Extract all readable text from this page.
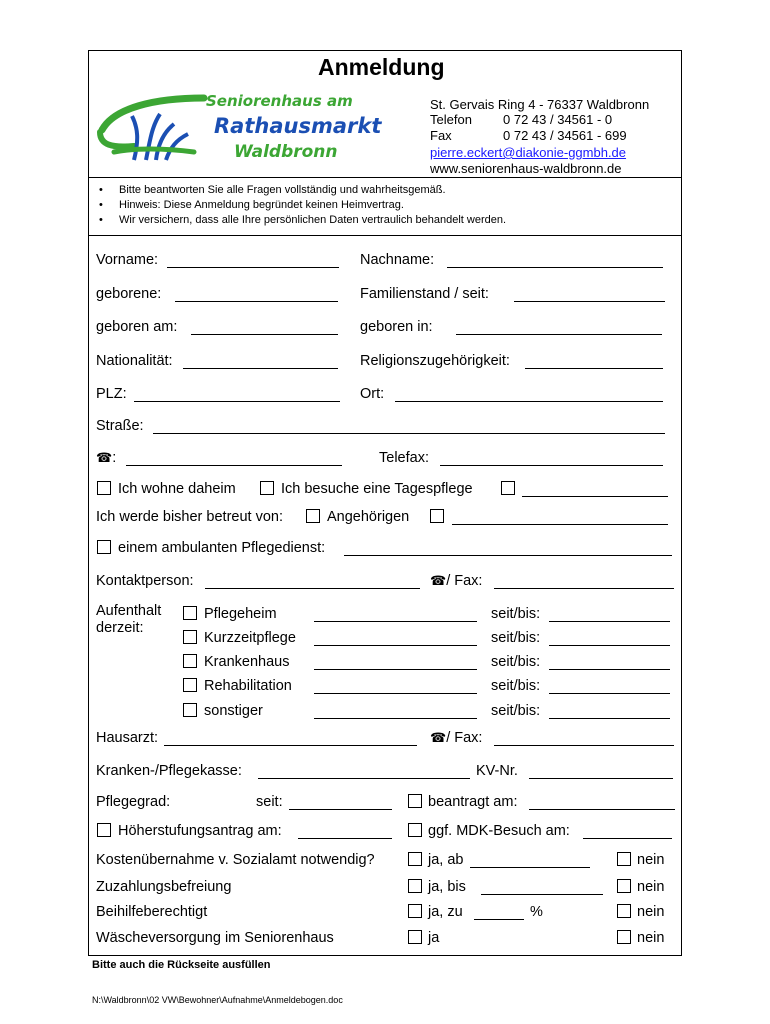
Anmeldung
Seniorenhaus am
Rathausmarkt
Waldbronn
St. Gervais Ring 4 - 76337 Waldbronn
Telefon 0 72 43 / 34561 - 0
Fax	0 72 43 / 34561 - 699
pierre.eckert@diakonie-ggmbh.de
www.seniorenhaus-waldbronn.de
• Bitte beantworten Sie alle Fragen vollständig und wahrheitsgemäß.
• Hinweis: Diese Anmeldung begründet keinen Heimvertrag.
• Wir versichern, dass alle Ihre persönlichen Daten vertraulich behandelt werden.
Vorname:	Nachname:
geborene:	Familienstand / seit:
geboren am:	geboren in:
Nationalität:	Religionszugehörigkeit:
PLZ:	Ort:
Straße:
☎:	Telefax:
Ich wohne daheim	Ich besuche eine Tagespflege
Ich werde bisher betreut von:	Angehörigen
einem ambulanten Pflegedienst:
Kontaktperson:	☎/ Fax:
Aufenthalt
derzeit:
Pflegeheim	seit/bis:
Kurzzeitpflege	seit/bis:
Krankenhaus	seit/bis:
Rehabilitation	seit/bis:
sonstiger	seit/bis:
Hausarzt:	☎/ Fax:
Kranken-/Pflegekasse:	KV-Nr.
Pflegegrad:	seit:	beantragt am:
Höherstufungsantrag am:	ggf. MDK-Besuch am:
Kostenübernahme v. Sozialamt notwendig?	ja, ab	nein
Zuzahlungsbefreiung	ja, bis	nein
Beihilfeberechtigt	ja, zu	%	nein
Wäscheversorgung im Seniorenhaus	ja	nein
Bitte auch die Rückseite ausfüllen
N:\Waldbronn\02 VW\Bewohner\Aufnahme\Anmeldebogen.doc
